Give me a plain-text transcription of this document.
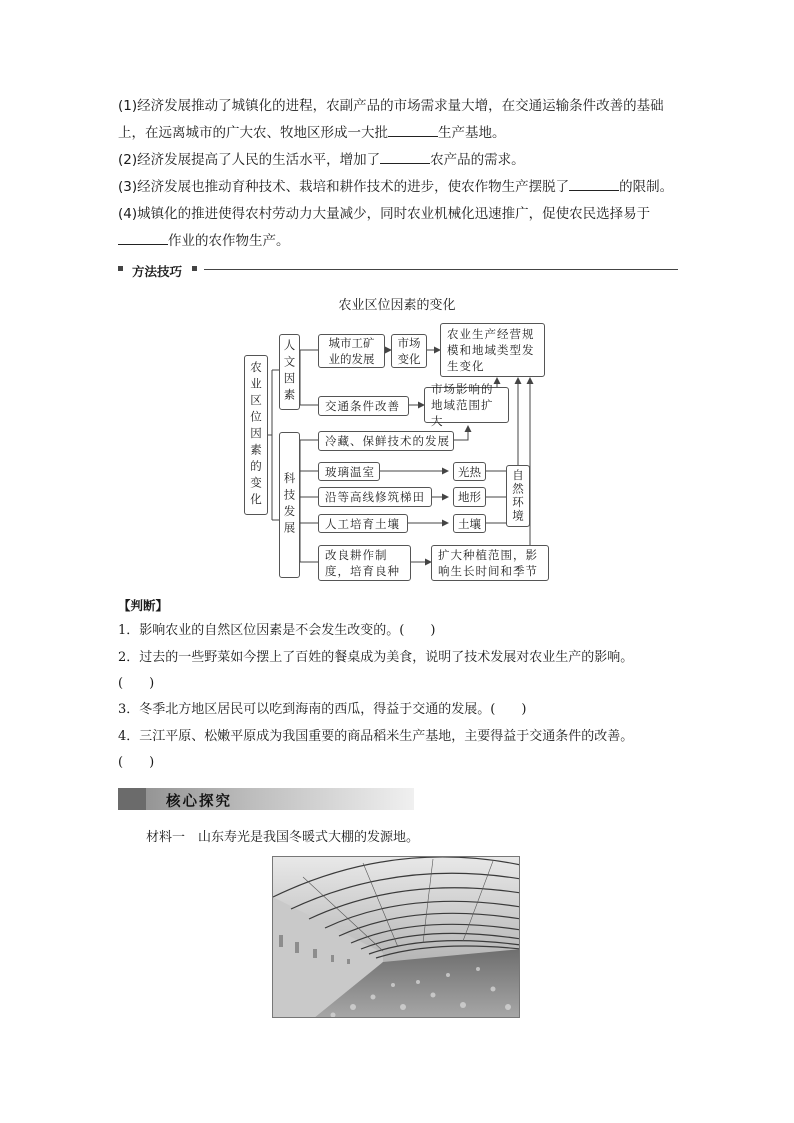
(1)经济发展推动了城镇化的进程，农副产品的市场需求量大增，在交通运输条件改善的基础
上，在远离城市的广大农、牧地区形成一大批	生产基地。
(2)经济发展提高了人民的生活水平，增加了	农产品的需求。
(3)经济发展也推动育种技术、栽培和耕作技术的进步，使农作物生产摆脱了	的限制。
(4)城镇化的推进使得农村劳动力大量减少，同时农业机械化迅速推广，促使农民选择易于
作业的农作物生产。
方法技巧
农业区位因素的变化
农业区位因素的变化	人文因素
科技发展
城市工矿业的发展
市场变化
农业生产经营规模和地域类型发生变化
交通条件改善
市场影响的地域范围扩大
冷藏、保鲜技术的发展
玻璃温室
沿等高线修筑梯田
人工培育土壤
光热
地形
土壤
自然环境
改良耕作制度，培育良种
扩大种植范围，影响生长时间和季节
【判断】
1．影响农业的自然区位因素是不会发生改变的。(　　)
2．过去的一些野菜如今摆上了百姓的餐桌成为美食，说明了技术发展对农业生产的影响。
(　　)
3．冬季北方地区居民可以吃到海南的西瓜，得益于交通的发展。(　　)
4．三江平原、松嫩平原成为我国重要的商品稻米生产基地，主要得益于交通条件的改善。
(　　)
核心探究
材料一　山东寿光是我国冬暖式大棚的发源地。
